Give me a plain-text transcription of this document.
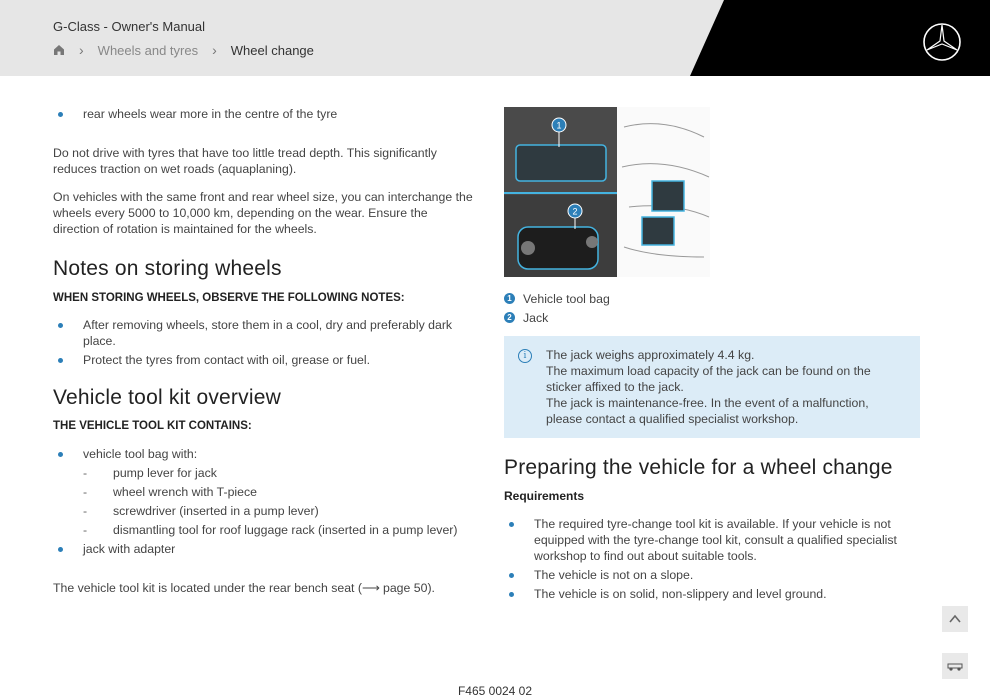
G-Class - Owner's Manual
› Wheels and tyres › Wheel change
rear wheels wear more in the centre of the tyre

Do not drive with tyres that have too little tread depth. This significantly reduces traction on wet roads (aquaplaning).

On vehicles with the same front and rear wheel size, you can interchange the wheels every 5000 to 10,000 km, depending on the wear. Ensure the direction of rotation is maintained for the wheels.

Notes on storing wheels
WHEN STORING WHEELS, OBSERVE THE FOLLOWING NOTES:
After removing wheels, store them in a cool, dry and preferably dark place.
Protect the tyres from contact with oil, grease or fuel.
Vehicle tool kit overview
THE VEHICLE TOOL KIT CONTAINS:
vehicle tool bag with:
- pump lever for jack
- wheel wrench with T-piece
- screwdriver (inserted in a pump lever)
- dismantling tool for roof luggage rack (inserted in a pump lever)
jack with adapter

The vehicle tool kit is located under the rear bench seat (⟶ page 50).

1
2
1 Vehicle tool bag
2 Jack
i	The jack weighs approximately 4.4 kg.

The maximum load capacity of the jack can be found on the sticker affixed to the jack.

The jack is maintenance-free. In the event of a malfunction, please contact a qualified specialist workshop.

Preparing the vehicle for a wheel change
Requirements
The required tyre-change tool kit is available. If your vehicle is not equipped with the tyre-change tool kit, consult a qualified specialist workshop to find out about suitable tools.
The vehicle is not on a slope.
The vehicle is on solid, non-slippery and level ground.
F465 0024 02
